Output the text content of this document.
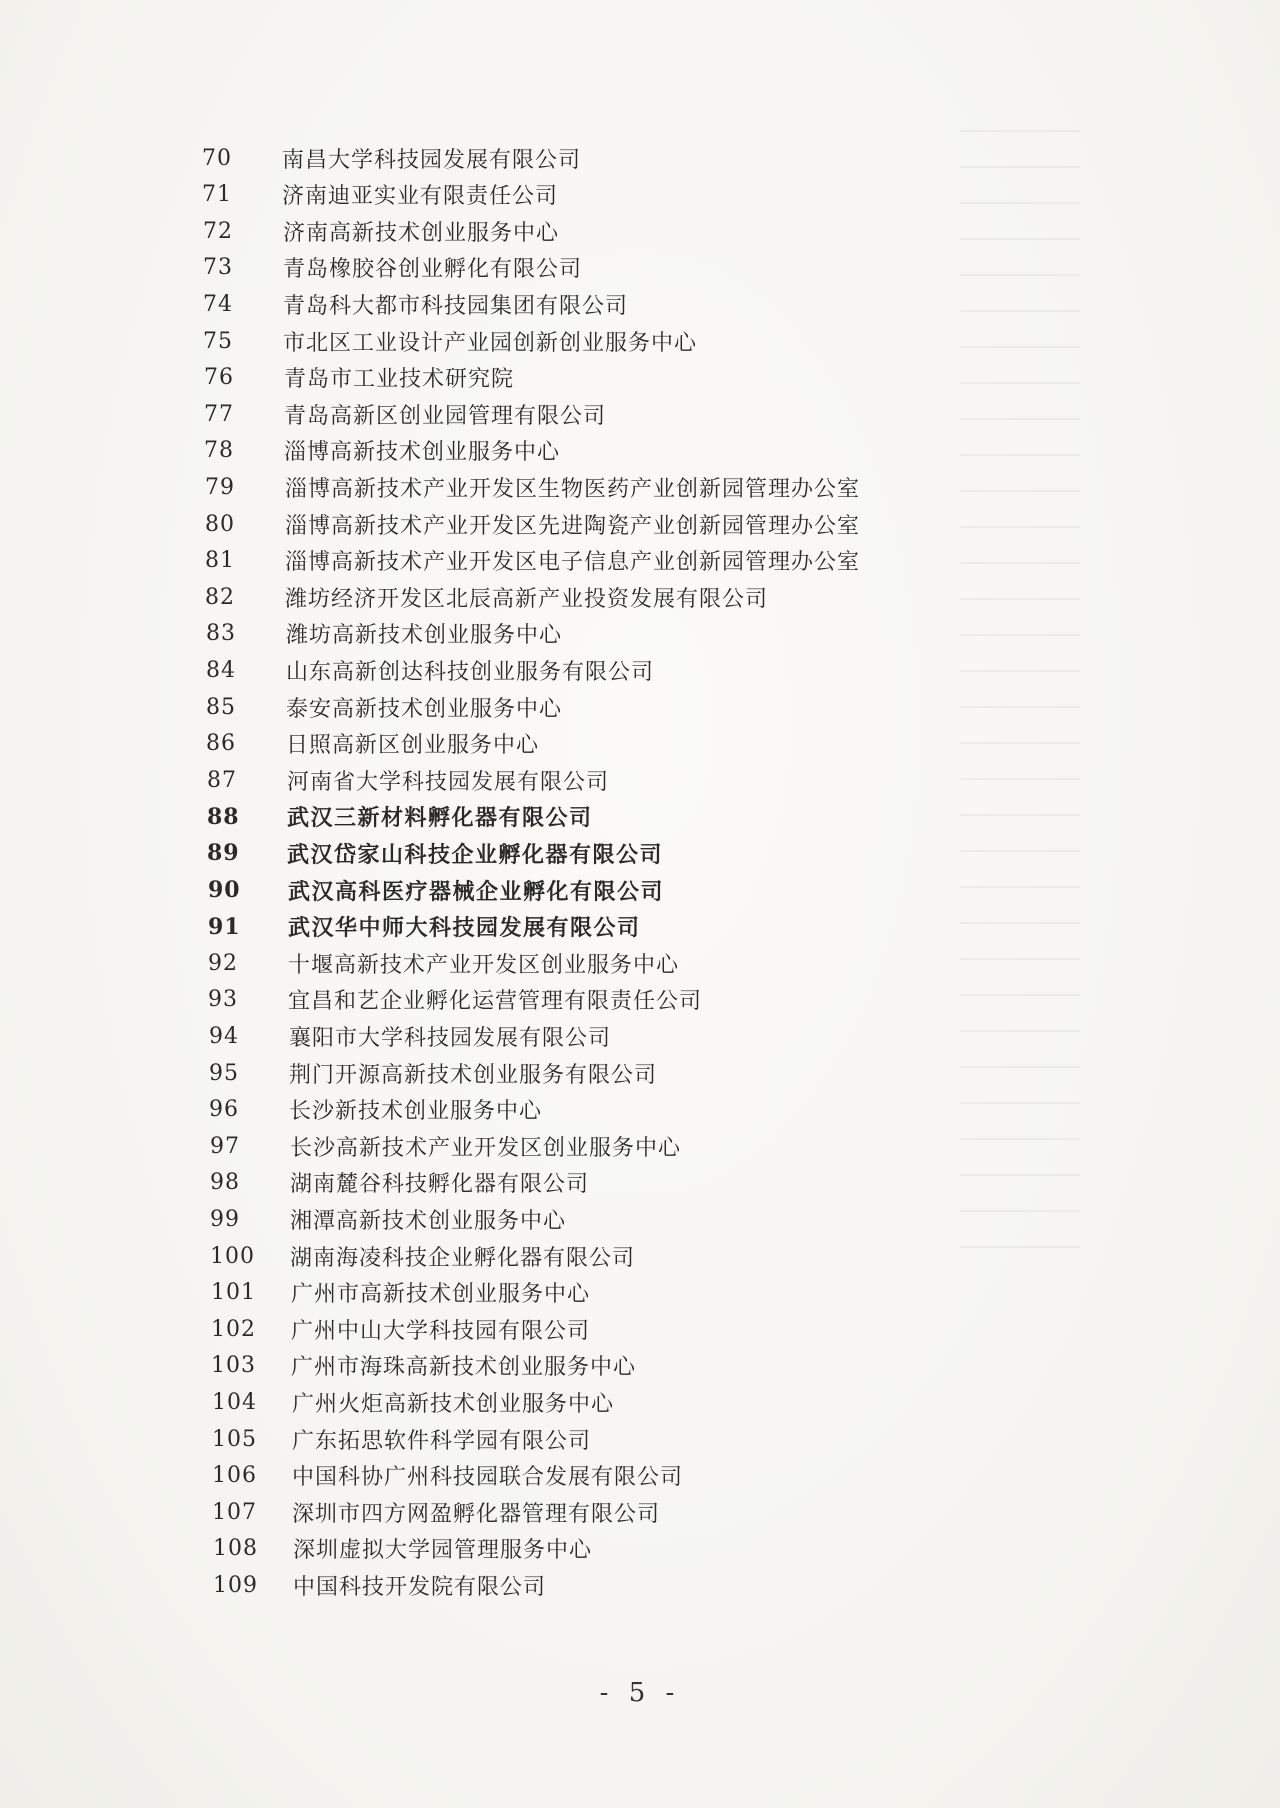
70	南昌大学科技园发展有限公司
71	济南迪亚实业有限责任公司
72	济南高新技术创业服务中心
73	青岛橡胶谷创业孵化有限公司
74	青岛科大都市科技园集团有限公司
75	市北区工业设计产业园创新创业服务中心
76	青岛市工业技术研究院
77	青岛高新区创业园管理有限公司
78	淄博高新技术创业服务中心
79	淄博高新技术产业开发区生物医药产业创新园管理办公室
80	淄博高新技术产业开发区先进陶瓷产业创新园管理办公室
81	淄博高新技术产业开发区电子信息产业创新园管理办公室
82	潍坊经济开发区北辰高新产业投资发展有限公司
83	潍坊高新技术创业服务中心
84	山东高新创达科技创业服务有限公司
85	泰安高新技术创业服务中心
86	日照高新区创业服务中心
87	河南省大学科技园发展有限公司
88	武汉三新材料孵化器有限公司
89	武汉岱家山科技企业孵化器有限公司
90	武汉高科医疗器械企业孵化有限公司
91	武汉华中师大科技园发展有限公司
92	十堰高新技术产业开发区创业服务中心
93	宜昌和艺企业孵化运营管理有限责任公司
94	襄阳市大学科技园发展有限公司
95	荆门开源高新技术创业服务有限公司
96	长沙新技术创业服务中心
97	长沙高新技术产业开发区创业服务中心
98	湖南麓谷科技孵化器有限公司
99	湘潭高新技术创业服务中心
100	湖南海凌科技企业孵化器有限公司
101	广州市高新技术创业服务中心
102	广州中山大学科技园有限公司
103	广州市海珠高新技术创业服务中心
104	广州火炬高新技术创业服务中心
105	广东拓思软件科学园有限公司
106	中国科协广州科技园联合发展有限公司
107	深圳市四方网盈孵化器管理有限公司
108	深圳虚拟大学园管理服务中心
109	中国科技开发院有限公司
- 5 -
